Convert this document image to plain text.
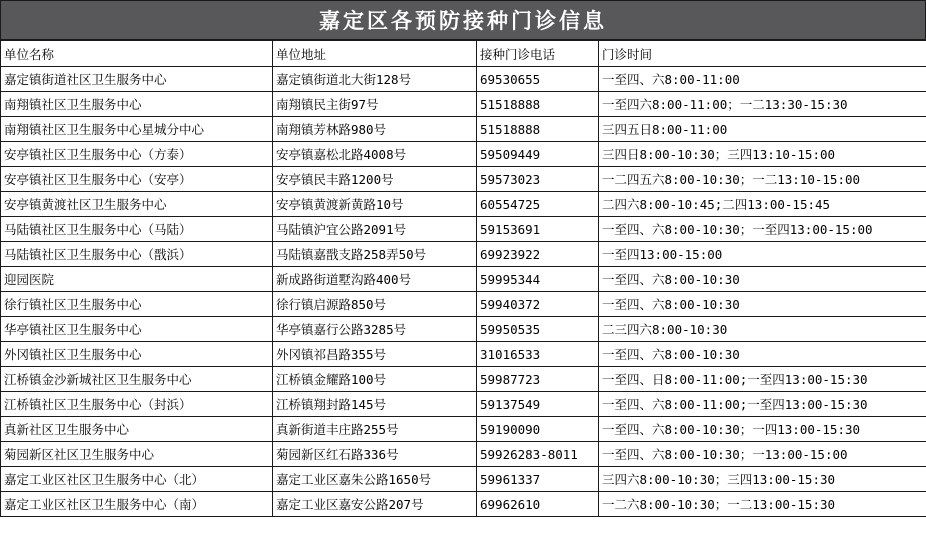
嘉定区各预防接种门诊信息
单位名称	单位地址	接种门诊电话	门诊时间
嘉定镇街道社区卫生服务中心	嘉定镇街道北大街128号	69530655	一至四、六8:00-11:00
南翔镇社区卫生服务中心	南翔镇民主街97号	51518888	一至四六8:00-11:00；一二13:30-15:30
南翔镇社区卫生服务中心星城分中心	南翔镇芳林路980号	51518888	三四五日8:00-11:00
安亭镇社区卫生服务中心（方泰）	安亭镇嘉松北路4008号	59509449	三四日8:00-10:30；三四13:10-15:00
安亭镇社区卫生服务中心（安亭）	安亭镇民丰路1200号	59573023	一二四五六8:00-10:30；一二13:10-15:00
安亭镇黄渡社区卫生服务中心	安亭镇黄渡新黄路10号	60554725	二四六8:00-10:45;二四13:00-15:45
马陆镇社区卫生服务中心（马陆）	马陆镇沪宜公路2091号	59153691	一至四、六8:00-10:30；一至四13:00-15:00
马陆镇社区卫生服务中心（戬浜）	马陆镇嘉戬支路258弄50号	69923922	一至四13:00-15:00
迎园医院	新成路街道墅沟路400号	59995344	一至四、六8:00-10:30
徐行镇社区卫生服务中心	徐行镇启源路850号	59940372	一至四、六8:00-10:30
华亭镇社区卫生服务中心	华亭镇嘉行公路3285号	59950535	二三四六8:00-10:30
外冈镇社区卫生服务中心	外冈镇祁昌路355号	31016533	一至四、六8:00-10:30
江桥镇金沙新城社区卫生服务中心	江桥镇金耀路100号	59987723	一至四、日8:00-11:00;一至四13:00-15:30
江桥镇社区卫生服务中心（封浜）	江桥镇翔封路145号	59137549	一至四、六8:00-11:00;一至四13:00-15:30
真新社区卫生服务中心	真新街道丰庄路255号	59190090	一至四、六8:00-10:30；一四13:00-15:30
菊园新区社区卫生服务中心	菊园新区红石路336号	59926283-8011	一至四、六8:00-10:30；一13:00-15:00
嘉定工业区社区卫生服务中心（北）	嘉定工业区嘉朱公路1650号	59961337	三四六8:00-10:30；三四13:00-15:30
嘉定工业区社区卫生服务中心（南）	嘉定工业区嘉安公路207号	69962610	一二六8:00-10:30；一二13:00-15:30
